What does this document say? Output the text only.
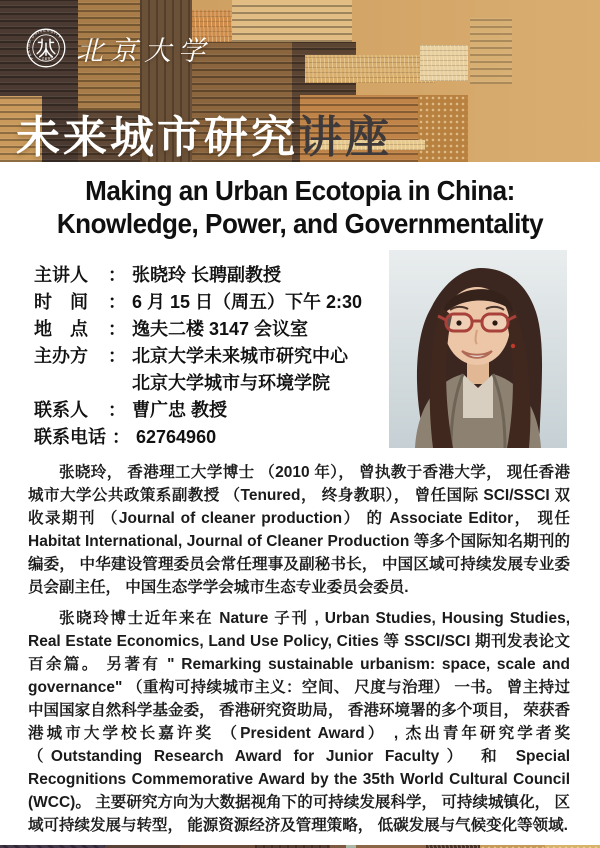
PEKING UNIVERSITY
1898 北京大学
未来城市研究讲座
Making an Urban Ecotopia in China:
Knowledge, Power, and Governmentality
主讲人	： 张晓玲 长聘副教授
时　间	： 6 月 15 日（周五）下午 2:30
地　点	： 逸夫二楼 3147 会议室
主办方	： 北京大学未来城市研究中心
北京大学城市与环境学院
联系人	： 曹广忠 教授
联系电话 ： 62764960

张晓玲， 香港理工大学博士 （2010 年）， 曾执教于香港大学， 现任香港城市大学公共政策系副教授 （Tenured， 终身教职）， 曾任国际 SCI/SSCI 双收录期刊 （Journal of cleaner production） 的 Associate Editor， 现任 Habitat International, Journal of Cleaner Production 等多个国际知名期刊的编委， 中华建设管理委员会常任理事及副秘书长， 中国区域可持续发展专业委员会副主任， 中国生态学学会城市生态专业委员会委员.

张晓玲博士近年来在 Nature 子刊 , Urban Studies, Housing Studies, Real Estate Economics, Land Use Policy, Cities 等 SSCI/SCI 期刊发表论文百余篇。 另著有 " Remarking sustainable urbanism: space, scale and governance" （重构可持续城市主义：空间、 尺度与治理） 一书。 曾主持过中国国家自然科学基金委， 香港研究资助局， 香港环境署的多个项目， 荣获香港城市大学校长嘉许奖 （President Award） , 杰出青年研究学者奖 （Outstanding Research Award for Junior Faculty） 和 Special Recognitions Commemorative Award by the 35th World Cultural Council (WCC)。 主要研究方向为大数据视角下的可持续发展科学， 可持续城镇化， 区域可持续发展与转型， 能源资源经济及管理策略， 低碳发展与气候变化等领域.
